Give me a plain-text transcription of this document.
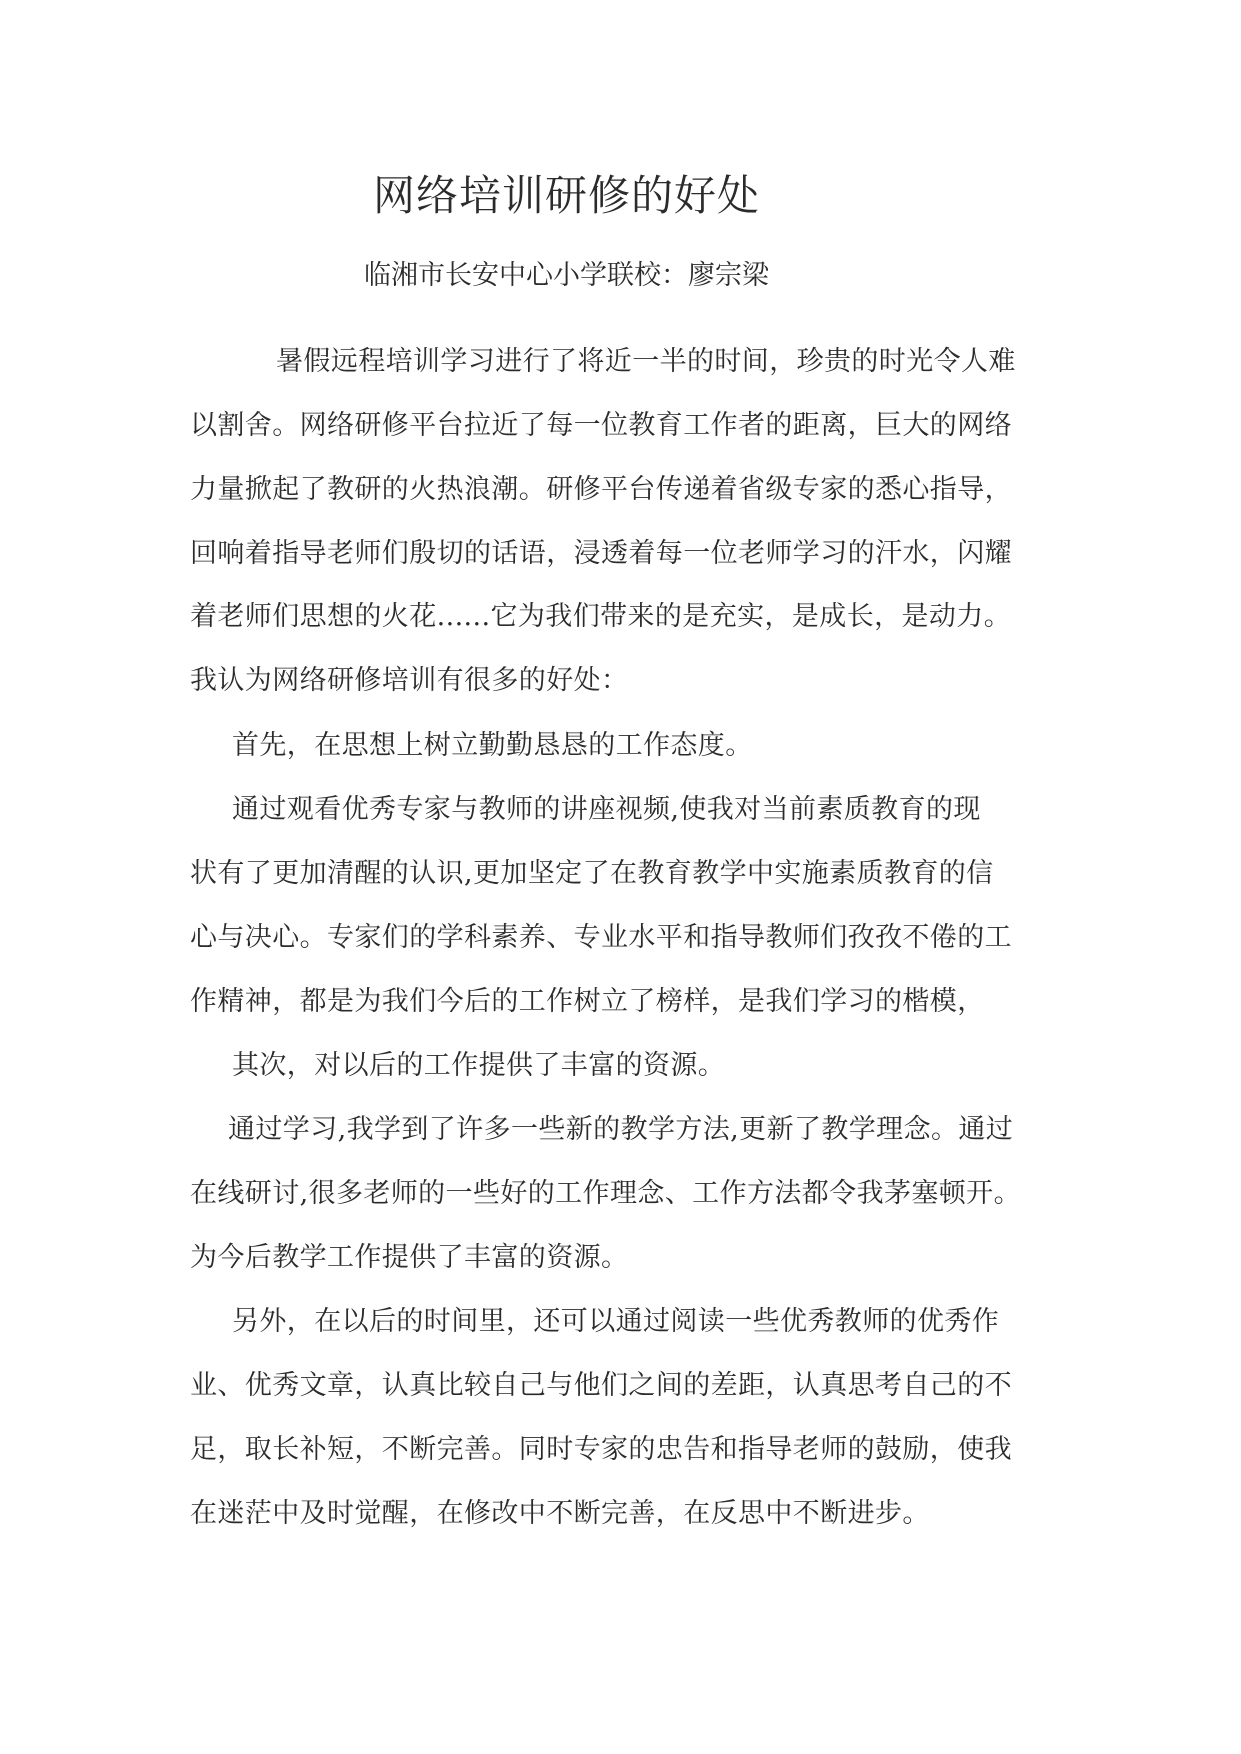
网络培训研修的好处
临湘市长安中心小学联校：廖宗梁
暑假远程培训学习进行了将近一半的时间，珍贵的时光令人难
以割舍。网络研修平台拉近了每一位教育工作者的距离，巨大的网络
力量掀起了教研的火热浪潮。研修平台传递着省级专家的悉心指导，
回响着指导老师们殷切的话语，浸透着每一位老师学习的汗水，闪耀
着老师们思想的火花......它为我们带来的是充实，是成长，是动力。
我认为网络研修培训有很多的好处：
首先，在思想上树立勤勤恳恳的工作态度。
通过观看优秀专家与教师的讲座视频,使我对当前素质教育的现
状有了更加清醒的认识,更加坚定了在教育教学中实施素质教育的信
心与决心。专家们的学科素养、专业水平和指导教师们孜孜不倦的工
作精神，都是为我们今后的工作树立了榜样，是我们学习的楷模，
其次，对以后的工作提供了丰富的资源。
通过学习,我学到了许多一些新的教学方法,更新了教学理念。通过
在线研讨,很多老师的一些好的工作理念、工作方法都令我茅塞顿开。
为今后教学工作提供了丰富的资源。
另外，在以后的时间里，还可以通过阅读一些优秀教师的优秀作
业、优秀文章，认真比较自己与他们之间的差距，认真思考自己的不
足，取长补短，不断完善。同时专家的忠告和指导老师的鼓励，使我
在迷茫中及时觉醒，在修改中不断完善，在反思中不断进步。
